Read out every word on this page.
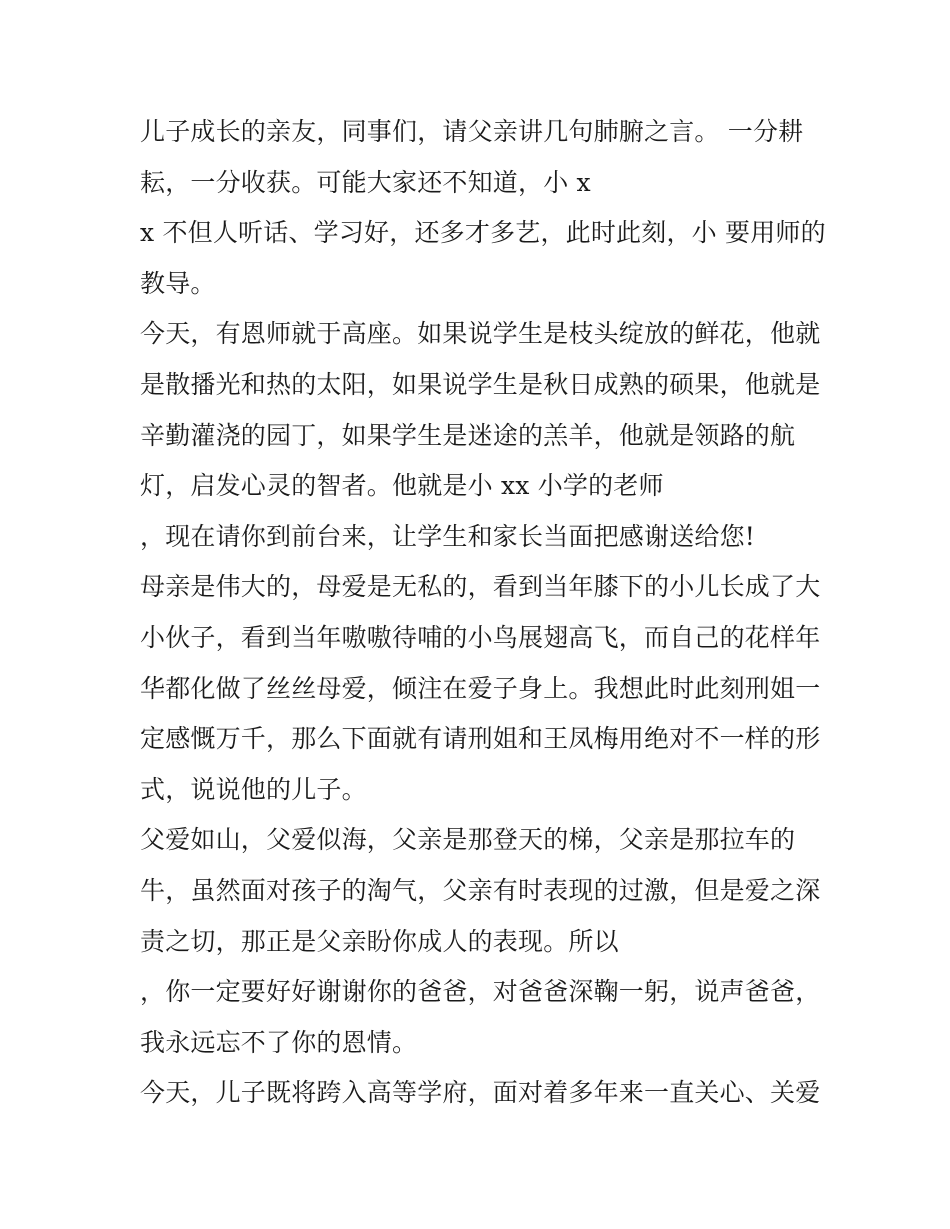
儿子成长的亲友，同事们，请父亲讲几句肺腑之言。 一分耕
耘，一分收获。可能大家还不知道，小 x
x 不但人听话、学习好，还多才多艺，此时此刻，小 要用师的
教导。
今天，有恩师就于高座。如果说学生是枝头绽放的鲜花，他就
是散播光和热的太阳，如果说学生是秋日成熟的硕果，他就是
辛勤灌浇的园丁，如果学生是迷途的羔羊，他就是领路的航
灯，启发心灵的智者。他就是小 xx 小学的老师
，现在请你到前台来，让学生和家长当面把感谢送给您!
母亲是伟大的，母爱是无私的，看到当年膝下的小儿长成了大
小伙子，看到当年嗷嗷待哺的小鸟展翅高飞，而自己的花样年
华都化做了丝丝母爱，倾注在爱子身上。我想此时此刻刑姐一
定感慨万千，那么下面就有请刑姐和王凤梅用绝对不一样的形
式，说说他的儿子。
父爱如山，父爱似海，父亲是那登天的梯，父亲是那拉车的
牛，虽然面对孩子的淘气，父亲有时表现的过激，但是爱之深
责之切，那正是父亲盼你成人的表现。所以
，你一定要好好谢谢你的爸爸，对爸爸深鞠一躬，说声爸爸，
我永远忘不了你的恩情。
今天，儿子既将跨入高等学府，面对着多年来一直关心、关爱
